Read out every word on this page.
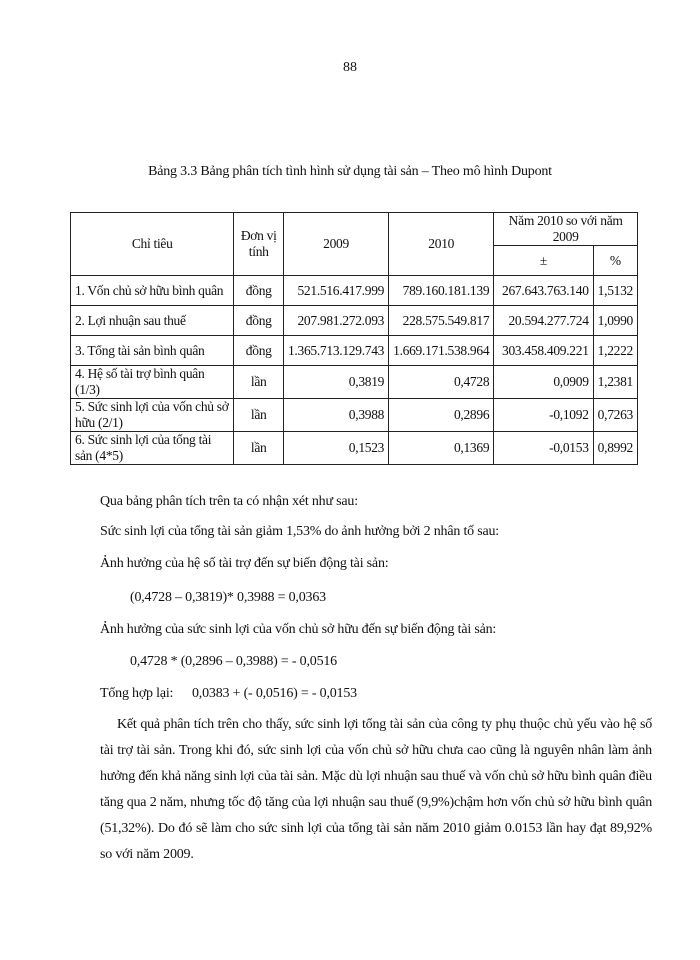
88
Bảng 3.3 Bảng phân tích tình hình sử dụng tài sản – Theo mô hình Dupont
Chỉ tiêu	Đơn vị tính	2009	2010	Năm 2010 so với năm 2009	
				±	%
1. Vốn chủ sở hữu bình quân	đồng	521.516.417.999	789.160.181.139	267.643.763.140	1,5132
2. Lợi nhuận sau thuế	đồng	207.981.272.093	228.575.549.817	20.594.277.724	1,0990
3. Tổng tài sản bình quân	đồng	1.365.713.129.743	1.669.171.538.964	303.458.409.221	1,2222
4. Hệ số tài trợ bình quân (1/3)	lần	0,3819	0,4728	0,0909	1,2381
5. Sức sinh lợi của vốn chủ sở hữu (2/1)	lần	0,3988	0,2896	-0,1092	0,7263
6. Sức sinh lợi của tổng tài sản (4*5)	lần	0,1523	0,1369	-0,0153	0,8992
Qua bảng phân tích trên ta có nhận xét như sau:
Sức sinh lợi của tổng tài sản giảm 1,53% do ảnh hưởng bởi 2 nhân tố sau:
Ảnh hưởng của hệ số tài trợ đến sự biến động tài sản:
(0,4728 – 0,3819)* 0,3988 = 0,0363
Ảnh hưởng của sức sinh lợi của vốn chủ sở hữu đến sự biến động tài sản:
0,4728 * (0,2896 – 0,3988) = - 0,0516
Tổng hợp lại: 0,0383 + (- 0,0516) = - 0,0153
Kết quả phân tích trên cho thấy, sức sinh lợi tổng tài sản của công ty phụ thuộc chủ yếu vào hệ số tài trợ tài sản. Trong khi đó, sức sinh lợi của vốn chủ sở hữu chưa cao cũng là nguyên nhân làm ảnh hưởng đến khả năng sinh lợi của tài sản. Mặc dù lợi nhuận sau thuế và vốn chủ sở hữu bình quân điều tăng qua 2 năm, nhưng tốc độ tăng của lợi nhuận sau thuế (9,9%)chậm hơn vốn chủ sở hữu bình quân (51,32%). Do đó sẽ làm cho sức sinh lợi của tổng tài sản năm 2010 giảm 0.0153 lần hay đạt 89,92% so với năm 2009.
